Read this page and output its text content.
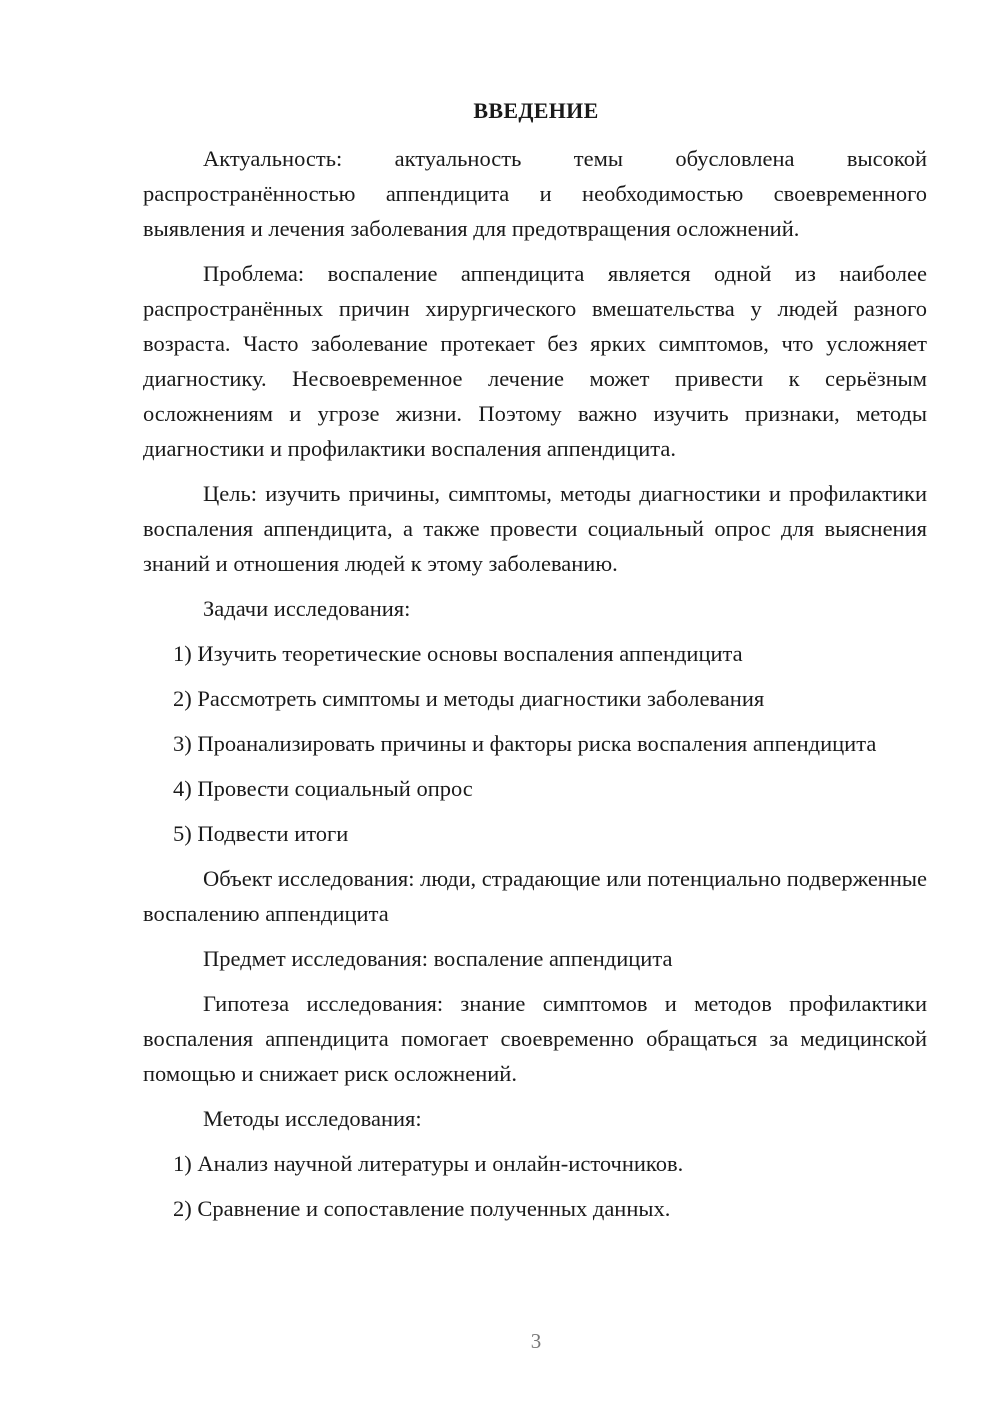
ВВЕДЕНИЕ

Актуальность: актуальность темы обусловлена высокой распространённостью аппендицита и необходимостью своевременного выявления и лечения заболевания для предотвращения осложнений.

Проблема: воспаление аппендицита является одной из наиболее распространённых причин хирургического вмешательства у людей разного возраста. Часто заболевание протекает без ярких симптомов, что усложняет диагностику. Несвоевременное лечение может привести к серьёзным осложнениям и угрозе жизни. Поэтому важно изучить признаки, методы диагностики и профилактики воспаления аппендицита.

Цель: изучить причины, симптомы, методы диагностики и профилактики воспаления аппендицита, а также провести социальный опрос для выяснения знаний и отношения людей к этому заболеванию.

Задачи исследования:

1) Изучить теоретические основы воспаления аппендицита

2) Рассмотреть симптомы и методы диагностики заболевания

3) Проанализировать причины и факторы риска воспаления аппендицита

4) Провести социальный опрос

5) Подвести итоги

Объект исследования: люди, страдающие или потенциально подверженные воспалению аппендицита

Предмет исследования: воспаление аппендицита

Гипотеза исследования: знание симптомов и методов профилактики воспаления аппендицита помогает своевременно обращаться за медицинской помощью и снижает риск осложнений.

Методы исследования:

1) Анализ научной литературы и онлайн-источников.

2) Сравнение и сопоставление полученных данных.

3
